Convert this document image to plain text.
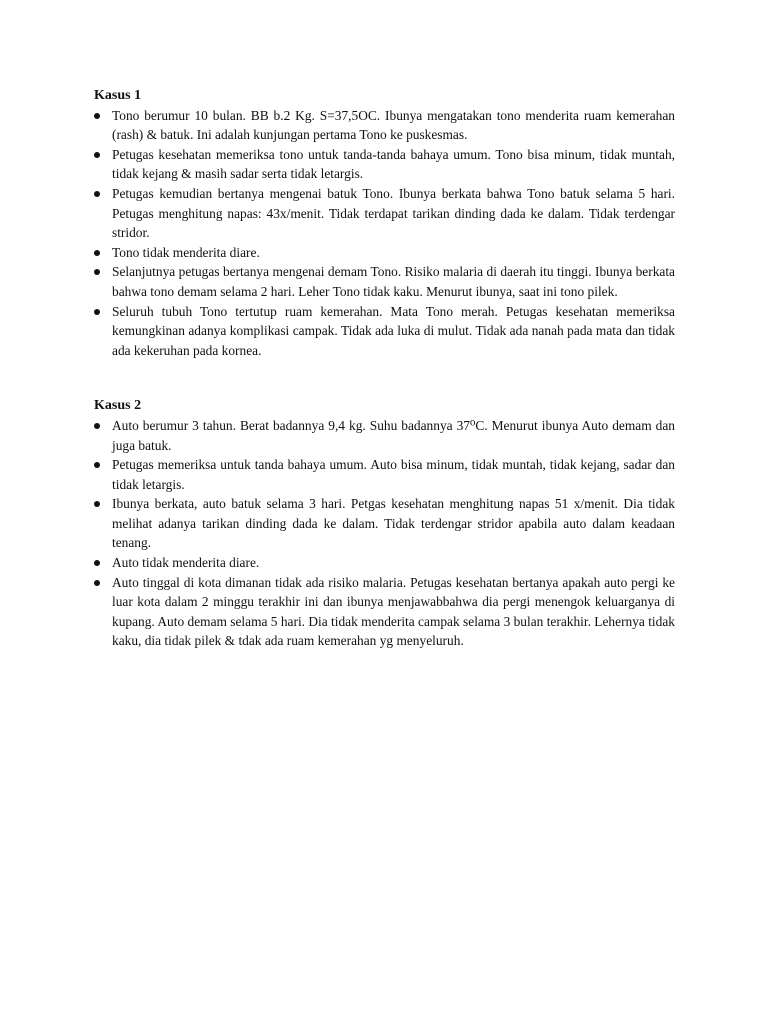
Kasus 1

Tono berumur 10 bulan. BB b.2 Kg. S=37,5OC. Ibunya mengatakan tono menderita ruam kemerahan (rash) & batuk. Ini adalah kunjungan pertama Tono ke puskesmas.
Petugas kesehatan memeriksa tono untuk tanda-tanda bahaya umum. Tono bisa minum, tidak muntah, tidak kejang & masih sadar serta tidak letargis.
Petugas kemudian bertanya mengenai batuk Tono. Ibunya berkata bahwa Tono batuk selama 5 hari. Petugas menghitung napas: 43x/menit. Tidak terdapat tarikan dinding dada ke dalam. Tidak terdengar stridor.
Tono tidak menderita diare.
Selanjutnya petugas bertanya mengenai demam Tono. Risiko malaria di daerah itu tinggi. Ibunya berkata bahwa tono demam selama 2 hari. Leher Tono tidak kaku. Menurut ibunya, saat ini tono pilek.
Seluruh tubuh Tono tertutup ruam kemerahan. Mata Tono merah. Petugas kesehatan memeriksa kemungkinan adanya komplikasi campak. Tidak ada luka di mulut. Tidak ada nanah pada mata dan tidak ada kekeruhan pada kornea.

Kasus 2

Auto berumur 3 tahun. Berat badannya 9,4 kg. Suhu badannya 37⁰C. Menurut ibunya Auto demam dan juga batuk.
Petugas memeriksa untuk tanda bahaya umum. Auto bisa minum, tidak muntah, tidak kejang, sadar dan tidak letargis.
Ibunya berkata, auto batuk selama 3 hari. Petgas kesehatan menghitung napas 51 x/menit. Dia tidak melihat adanya tarikan dinding dada ke dalam. Tidak terdengar stridor apabila auto dalam keadaan tenang.
Auto tidak menderita diare.
Auto tinggal di kota dimanan tidak ada risiko malaria. Petugas kesehatan bertanya apakah auto pergi ke luar kota dalam 2 minggu terakhir ini dan ibunya menjawabbahwa dia pergi menengok keluarganya di kupang. Auto demam selama 5 hari. Dia tidak menderita campak selama 3 bulan terakhir. Lehernya tidak kaku, dia tidak pilek & tdak ada ruam kemerahan yg menyeluruh.
